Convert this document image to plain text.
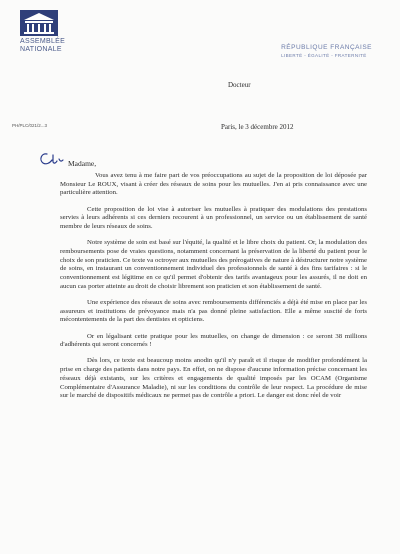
ASSEMBLÉE
NATIONALE	RÉPUBLIQUE FRANÇAISE
LIBERTÉ - ÉGALITÉ - FRATERNITÉ
Docteur
PH/PLC/021/2...3	Paris, le 3 décembre 2012
Madame,

Vous avez tenu à me faire part de vos préoccupations au sujet de la proposition de loi déposée par Monsieur Le ROUX, visant à créer des réseaux de soins pour les mutuelles. J'en ai pris connaissance avec une particulière attention.

Cette proposition de loi vise à autoriser les mutuelles à pratiquer des modulations des prestations servies à leurs adhérents si ces derniers recourent à un professionnel, un service ou un établissement de santé membre de leurs réseaux de soins.

Notre système de soin est basé sur l'équité, la qualité et le libre choix du patient. Or, la modulation des remboursements pose de vraies questions, notamment concernant la préservation de la liberté du patient pour le choix de son praticien. Ce texte va octroyer aux mutuelles des prérogatives de nature à déstructurer notre système de soins, en instaurant un conventionnement individuel des professionnels de santé à des fins tarifaires : si le conventionnement est légitime en ce qu'il permet d'obtenir des tarifs avantageux pour les assurés, il ne doit en aucun cas porter atteinte au droit de choisir librement son praticien et son établissement de santé.

Une expérience des réseaux de soins avec remboursements différenciés a déjà été mise en place par les assureurs et institutions de prévoyance mais n'a pas donné pleine satisfaction. Elle a même suscité de forts mécontentements de la part des dentistes et opticiens.

Or en légalisant cette pratique pour les mutuelles, on change de dimension : ce seront 38 millions d'adhérents qui seront concernés !

Dès lors, ce texte est beaucoup moins anodin qu'il n'y paraît et il risque de modifier profondément la prise en charge des patients dans notre pays. En effet, on ne dispose d'aucune information précise concernant les réseaux déjà existants, sur les critères et engagements de qualité imposés par les OCAM (Organisme Complémentaire d'Assurance Maladie), ni sur les conditions du contrôle de leur respect. La procédure de mise sur le marché de dispositifs médicaux ne permet pas de contrôle a priori. Le danger est donc réel de voir
